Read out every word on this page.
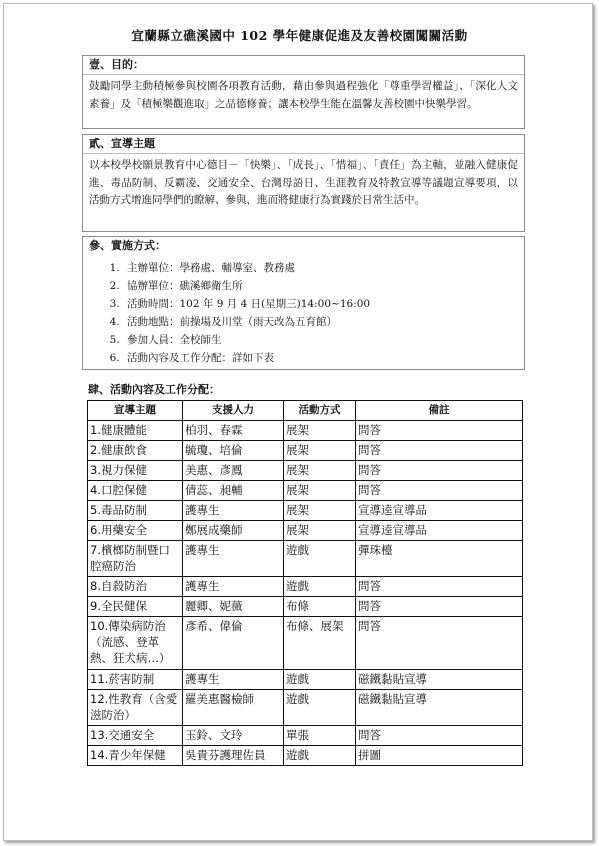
宜蘭縣立礁溪國中 102 學年健康促進及友善校園闖關活動
壹、目的：
鼓勵同學主動積極參與校園各項教育活動，藉由參與過程強化「尊重學習權益」、「深化人文素養」及「積極樂觀進取」之品德修養；讓本校學生能在溫馨友善校園中快樂學習。
貳、宣導主題
以本校學校願景教育中心德目－「快樂」、「成長」、「惜福」、「責任」為主軸，並融入健康促進、毒品防制、反霸凌、交通安全、台灣母語日、生涯教育及特教宣導等議題宣導要項，以活動方式增進同學們的瞭解、參與，進而將健康行為實踐於日常生活中。
參、實施方式：
1. 主辦單位：學務處、輔導室、教務處
2. 協辦單位：礁溪鄉衛生所
3. 活動時間：102 年 9 月 4 日(星期三)14:00~16:00
4. 活動地點：前操場及川堂（雨天改為五育館）
5. 參加人員：全校師生
6. 活動內容及工作分配：詳如下表
肆、活動內容及工作分配：
宣導主題	支援人力	活動方式	備註
1.健康體能	柏羽、春霖	展架	問答
2.健康飲食	毓瓊、培倫	展架	問答
3.視力保健	美惠、彥鳳	展架	問答
4.口腔保健	倩蕊、昶輔	展架	問答
5.毒品防制	護專生	展架	宣導逵宣導品
6.用藥安全	鄭展成藥師	展架	宣導逵宣導品
7.檳榔防制暨口腔癌防治	護專生	遊戲	彈珠檯
8.自殺防治	護專生	遊戲	問答
9.全民健保	麗卿、妮薇	布條	問答
10.傳染病防治（流感、登革熱、狂犬病…）	彥希、偉倫	布條、展架	問答
11.菸害防制	護專生	遊戲	磁鐵黏貼宣導
12.性教育（含愛滋防治）	羅美惠醫檢師	遊戲	磁鐵黏貼宣導
13.交通安全	玉鈴、文玲	單張	問答
14.青少年保健	吳貴芬護理佐員	遊戲	拼圖
